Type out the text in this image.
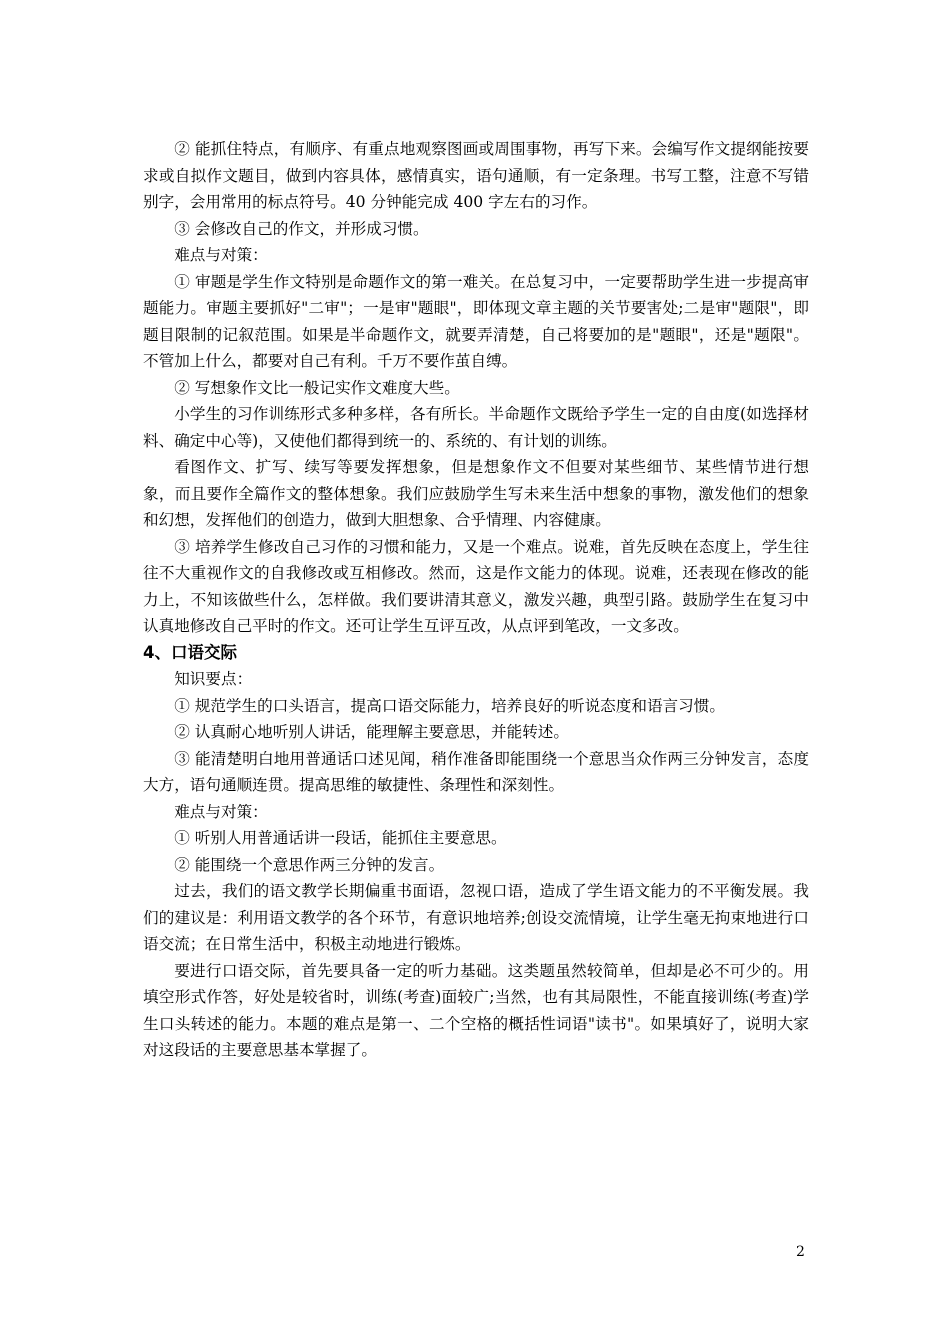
② 能抓住特点，有顺序、有重点地观察图画或周围事物，再写下来。会编写作文提纲能按要求或自拟作文题目，做到内容具体，感情真实，语句通顺，有一定条理。书写工整，注意不写错别字，会用常用的标点符号。40 分钟能完成 400 字左右的习作。

③ 会修改自己的作文，并形成习惯。

难点与对策：

① 审题是学生作文特别是命题作文的第一难关。在总复习中，一定要帮助学生进一步提高审题能力。审题主要抓好"二审"；一是审"题眼"，即体现文章主题的关节要害处;二是审"题限"，即题目限制的记叙范围。如果是半命题作文，就要弄清楚，自己将要加的是"题眼"，还是"题限"。不管加上什么，都要对自己有利。千万不要作茧自缚。

② 写想象作文比一般记实作文难度大些。

小学生的习作训练形式多种多样，各有所长。半命题作文既给予学生一定的自由度(如选择材料、确定中心等)，又使他们都得到统一的、系统的、有计划的训练。

看图作文、扩写、续写等要发挥想象，但是想象作文不但要对某些细节、某些情节进行想象，而且要作全篇作文的整体想象。我们应鼓励学生写未来生活中想象的事物，激发他们的想象和幻想，发挥他们的创造力，做到大胆想象、合乎情理、内容健康。

③ 培养学生修改自己习作的习惯和能力，又是一个难点。说难，首先反映在态度上，学生往往不大重视作文的自我修改或互相修改。然而，这是作文能力的体现。说难，还表现在修改的能力上，不知该做些什么，怎样做。我们要讲清其意义，激发兴趣，典型引路。鼓励学生在复习中认真地修改自己平时的作文。还可让学生互评互改，从点评到笔改，一文多改。

4、口语交际

知识要点：

① 规范学生的口头语言，提高口语交际能力，培养良好的听说态度和语言习惯。

② 认真耐心地听别人讲话，能理解主要意思，并能转述。

③ 能清楚明白地用普通话口述见闻，稍作准备即能围绕一个意思当众作两三分钟发言，态度大方，语句通顺连贯。提高思维的敏捷性、条理性和深刻性。

难点与对策：

① 听别人用普通话讲一段话，能抓住主要意思。

② 能围绕一个意思作两三分钟的发言。

过去，我们的语文教学长期偏重书面语，忽视口语，造成了学生语文能力的不平衡发展。我们的建议是：利用语文教学的各个环节，有意识地培养;创设交流情境，让学生毫无拘束地进行口语交流；在日常生活中，积极主动地进行锻炼。

要进行口语交际，首先要具备一定的听力基础。这类题虽然较简单，但却是必不可少的。用填空形式作答，好处是较省时，训练(考查)面较广;当然，也有其局限性，不能直接训练(考查)学生口头转述的能力。本题的难点是第一、二个空格的概括性词语"读书"。如果填好了，说明大家对这段话的主要意思基本掌握了。

2
